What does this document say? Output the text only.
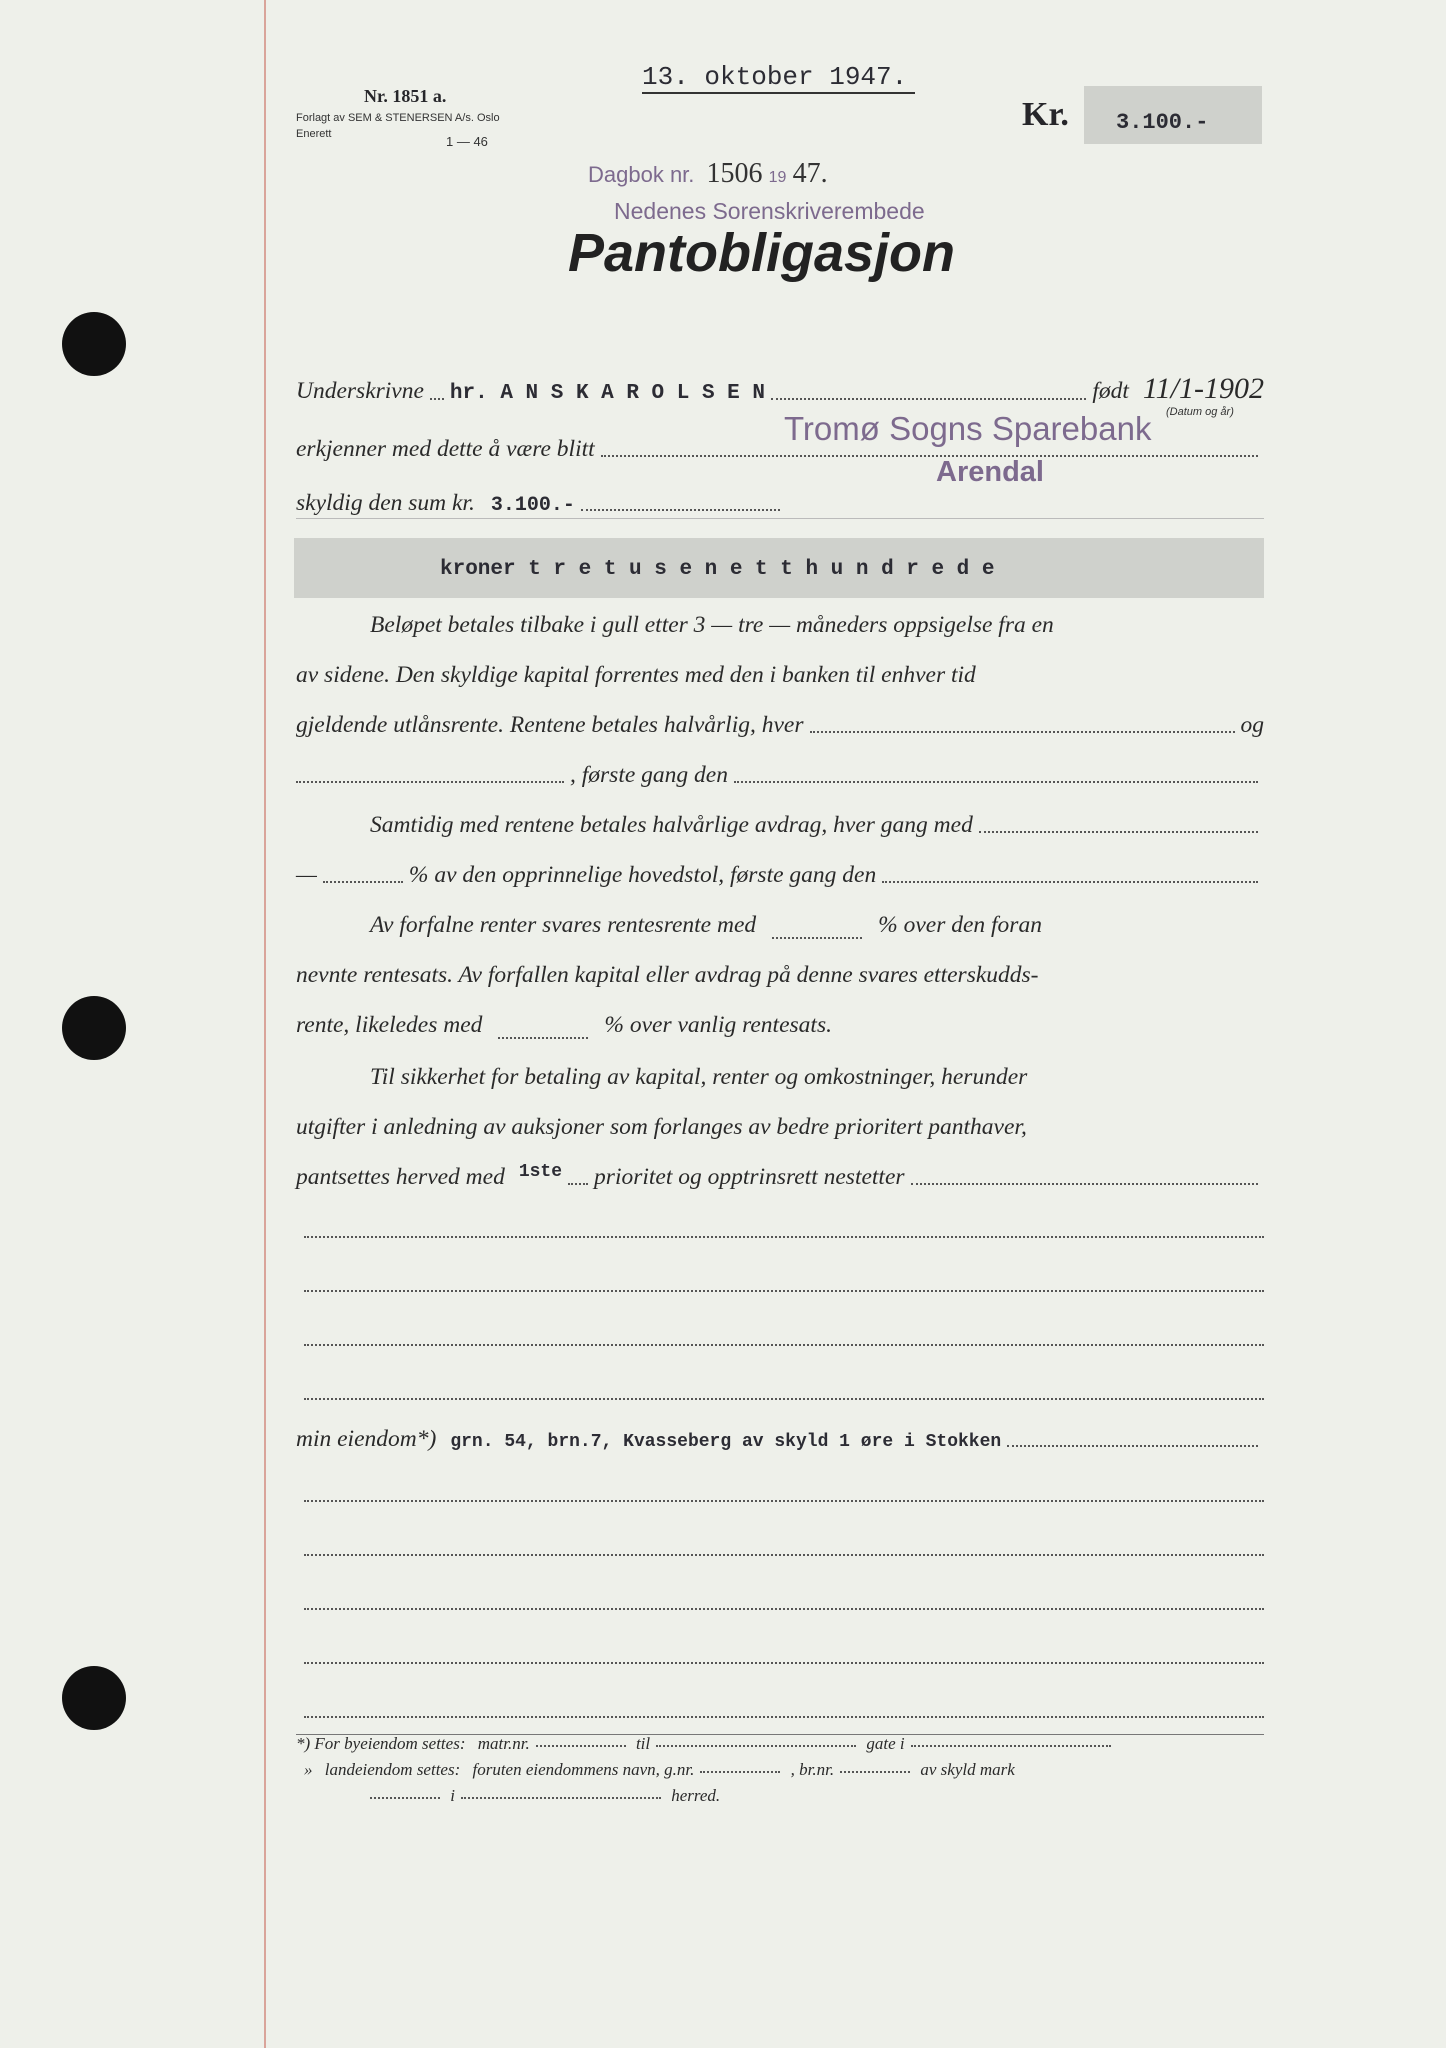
Nr. 1851 a.
Forlagt av SEM & STENERSEN A/s. Oslo
Enerett	1 — 46
13. oktober 1947.
Kr. 3.100.-
Dagbok nr. 1506 19 47.
Nedenes Sorenskriverembede
Pantobligasjon
Underskrivne hr. A N S K A R O L S E N	født 11/1-1902
(Datum og år)
erkjenner med dette å være blitt
Tromø Sogns Sparebank
Arendal
skyldig den sum kr. 3.100.-
kroner t r e t u s e n e t t h u n d r e d e
Beløpet betales tilbake i gull etter 3 — tre — måneders oppsigelse fra en
av sidene. Den skyldige kapital forrentes med den i banken til enhver tid
gjeldende utlånsrente. Rentene betales halvårlig, hver	og
, første gang den
Samtidig med rentene betales halvårlige avdrag, hver gang med
—	% av den opprinnelige hovedstol, første gang den
Av forfalne renter svares rentesrente med	% over den foran
nevnte rentesats. Av forfallen kapital eller avdrag på denne svares etterskudds-
rente, likeledes med	% over vanlig rentesats.
Til sikkerhet for betaling av kapital, renter og omkostninger, herunder
utgifter i anledning av auksjoner som forlanges av bedre prioritert panthaver,
pantsettes herved med 1ste prioritet og opptrinsrett nestetter
min eiendom*) grn. 54, brn.7, Kvasseberg av skyld 1 øre i Stokken
*) For byeiendom settes: matr.nr.	til	gate i
» landeiendom settes: foruten eiendommens navn, g.nr.	, br.nr.	av skyld mark
i	herred.
